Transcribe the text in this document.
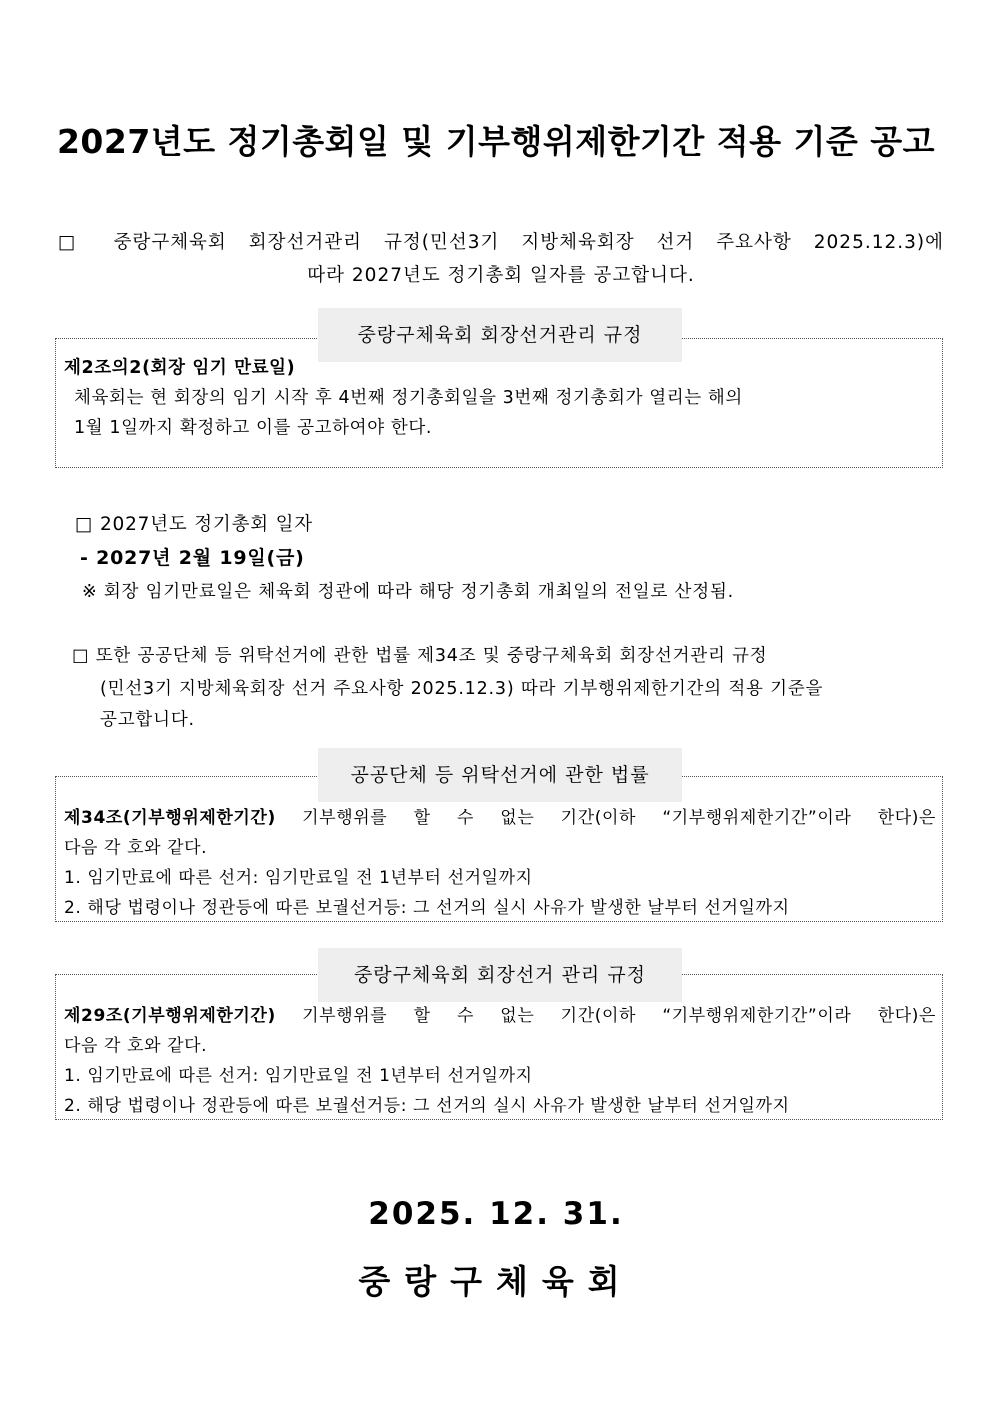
2027년도 정기총회일 및 기부행위제한기간 적용 기준 공고
□ 중랑구체육회 회장선거관리 규정(민선3기 지방체육회장 선거 주요사항 2025.12.3)에
따라 2027년도 정기총회 일자를 공고합니다.
제2조의2(회장 임기 만료일)
체육회는 현 회장의 임기 시작 후 4번째 정기총회일을 3번째 정기총회가 열리는 해의
1월 1일까지 확정하고 이를 공고하여야 한다.
중랑구체육회 회장선거관리 규정
□ 2027년도 정기총회 일자
- 2027년 2월 19일(금)
※ 회장 임기만료일은 체육회 정관에 따라 해당 정기총회 개최일의 전일로 산정됨.
□ 또한 공공단체 등 위탁선거에 관한 법률 제34조 및 중랑구체육회 회장선거관리 규정
(민선3기 지방체육회장 선거 주요사항 2025.12.3) 따라 기부행위제한기간의 적용 기준을
공고합니다.
제34조(기부행위제한기간) 기부행위를 할 수 없는 기간(이하 “기부행위제한기간”이라 한다)은
다음 각 호와 같다.
1. 임기만료에 따른 선거: 임기만료일 전 1년부터 선거일까지
2. 해당 법령이나 정관등에 따른 보궐선거등: 그 선거의 실시 사유가 발생한 날부터 선거일까지
공공단체 등 위탁선거에 관한 법률
제29조(기부행위제한기간) 기부행위를 할 수 없는 기간(이하 “기부행위제한기간”이라 한다)은
다음 각 호와 같다.
1. 임기만료에 따른 선거: 임기만료일 전 1년부터 선거일까지
2. 해당 법령이나 정관등에 따른 보궐선거등: 그 선거의 실시 사유가 발생한 날부터 선거일까지
중랑구체육회 회장선거 관리 규정
2025. 12. 31.
중랑구체육회
